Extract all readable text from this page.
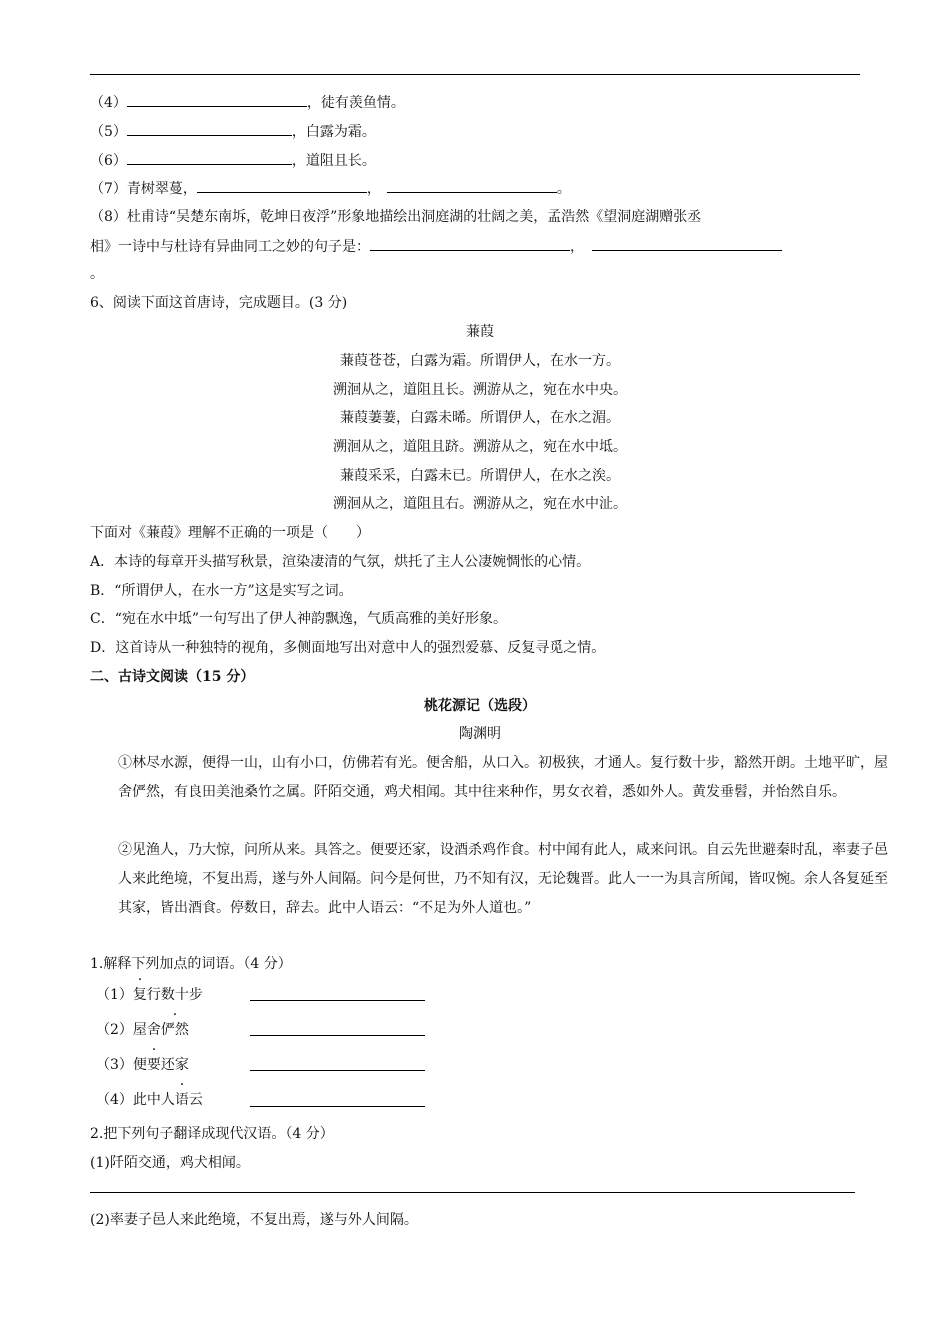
（4）	，徒有羡鱼情。
（5）	，白露为霜。
（6）	，道阻且长。
（7）青树翠蔓，	，	。
（8）杜甫诗“吴楚东南坼，乾坤日夜浮”形象地描绘出洞庭湖的壮阔之美，孟浩然《望洞庭湖赠张丞
相》一诗中与杜诗有异曲同工之妙的句子是：	，
。
6、阅读下面这首唐诗，完成题目。(3 分)
蒹葭
蒹葭苍苍，白露为霜。所谓伊人，在水一方。
溯洄从之，道阻且长。溯游从之，宛在水中央。
蒹葭萋萋，白露未晞。所谓伊人，在水之湄。
溯洄从之，道阻且跻。溯游从之，宛在水中坻。
蒹葭采采，白露未已。所谓伊人，在水之涘。
溯洄从之，道阻且右。溯游从之，宛在水中沚。
下面对《蒹葭》理解不正确的一项是（　　）
A．本诗的每章开头描写秋景，渲染凄清的气氛，烘托了主人公凄婉惆怅的心情。
B．“所谓伊人，在水一方”这是实写之词。
C．“宛在水中坻”一句写出了伊人神韵飘逸，气质高雅的美好形象。
D．这首诗从一种独特的视角，多侧面地写出对意中人的强烈爱慕、反复寻觅之情。
二、古诗文阅读（15 分）
桃花源记（选段）
陶渊明
①林尽水源，便得一山，山有小口，仿佛若有光。便舍船，从口入。初极狭，才通人。复行数十步，豁然开朗。土地平旷，屋舍俨然，有良田美池桑竹之属。阡陌交通，鸡犬相闻。其中往来种作，男女衣着，悉如外人。黄发垂髫，并怡然自乐。
②见渔人，乃大惊，问所从来。具答之。便要还家，设酒杀鸡作食。村中闻有此人，咸来问讯。自云先世避秦时乱，率妻子邑人来此绝境，不复出焉，遂与外人间隔。问今是何世，乃不知有汉，无论魏晋。此人一一为具言所闻，皆叹惋。余人各复延至其家，皆出酒食。停数日，辞去。此中人语云：“不足为外人道也。”
1.解释下列加点的词语。（4 分）
（1）复行数十步
（2）屋舍俨然
（3）便要还家
（4）此中人语云
2.把下列句子翻译成现代汉语。（4 分）
(1)阡陌交通，鸡犬相闻。
(2)率妻子邑人来此绝境，不复出焉，遂与外人间隔。
